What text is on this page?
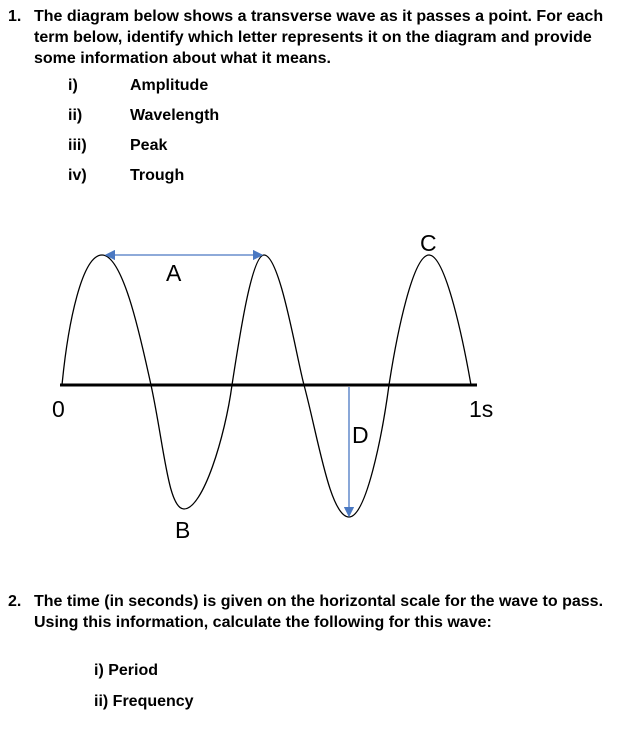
1. The diagram below shows a transverse wave as it passes a point. For each term below, identify which letter represents it on the diagram and provide some information about what it means.
i)	Amplitude
ii)	Wavelength
iii)	Peak
iv)	Trough
A
B
C
D
0	1s
2. The time (in seconds) is given on the horizontal scale for the wave to pass. Using this information, calculate the following for this wave:
i) Period
ii) Frequency
